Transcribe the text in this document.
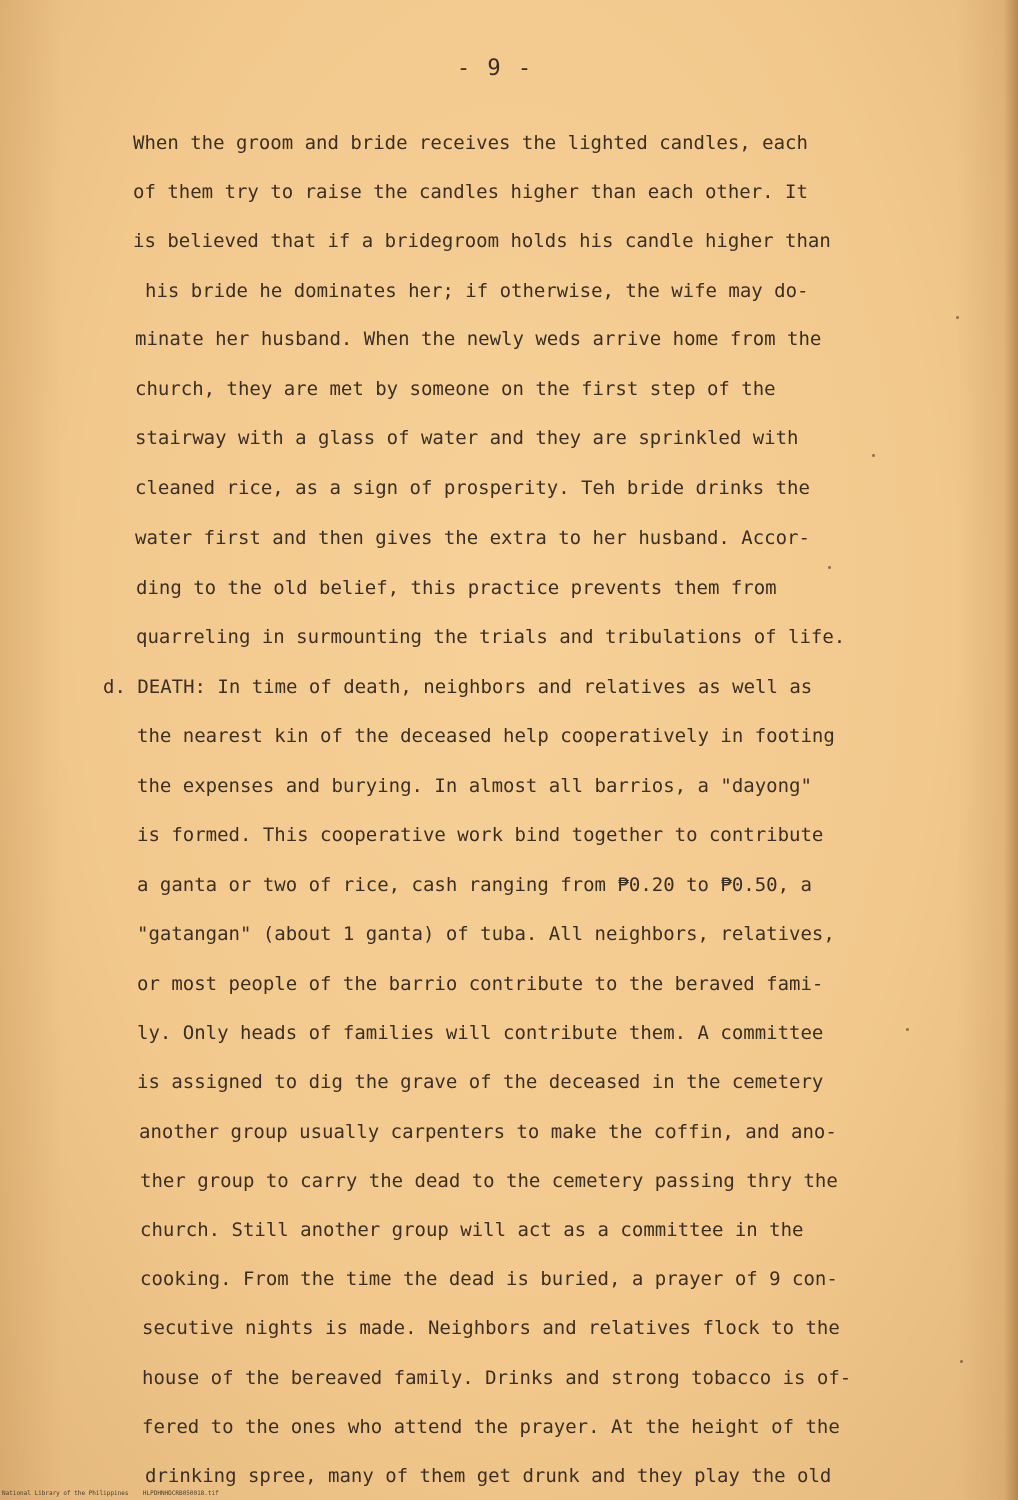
- 9 -
When the groom and bride receives the lighted candles, each
of them try to raise the candles higher than each other. It
is believed that if a bridegroom holds his candle higher than
his bride he dominates her; if otherwise, the wife may do-
minate her husband. When the newly weds arrive home from the
church, they are met by someone on the first step of the
stairway with a glass of water and they are sprinkled with
cleaned rice, as a sign of prosperity. Teh bride drinks the
water first and then gives the extra to her husband. Accor-
ding to the old belief, this practice prevents them from
quarreling in surmounting the trials and tribulations of life.
d. DEATH: In time of death, neighbors and relatives as well as
the nearest kin of the deceased help cooperatively in footing
the expenses and burying. In almost all barrios, a "dayong"
is formed. This cooperative work bind together to contribute
a ganta or two of rice, cash ranging from ₱0.20 to ₱0.50, a
"gatangan" (about 1 ganta) of tuba. All neighbors, relatives,
or most people of the barrio contribute to the beraved fami-
ly. Only heads of families will contribute them. A committee
is assigned to dig the grave of the deceased in the cemetery
another group usually carpenters to make the coffin, and ano-
ther group to carry the dead to the cemetery passing thry the
church. Still another group will act as a committee in the
cooking. From the time the dead is buried, a prayer of 9 con-
secutive nights is made. Neighbors and relatives flock to the
house of the bereaved family. Drinks and strong tobacco is of-
fered to the ones who attend the prayer. At the height of the
drinking spree, many of them get drunk and they play the old
National Library of the Philippines    HLPDHNHDCRB050018.tif
